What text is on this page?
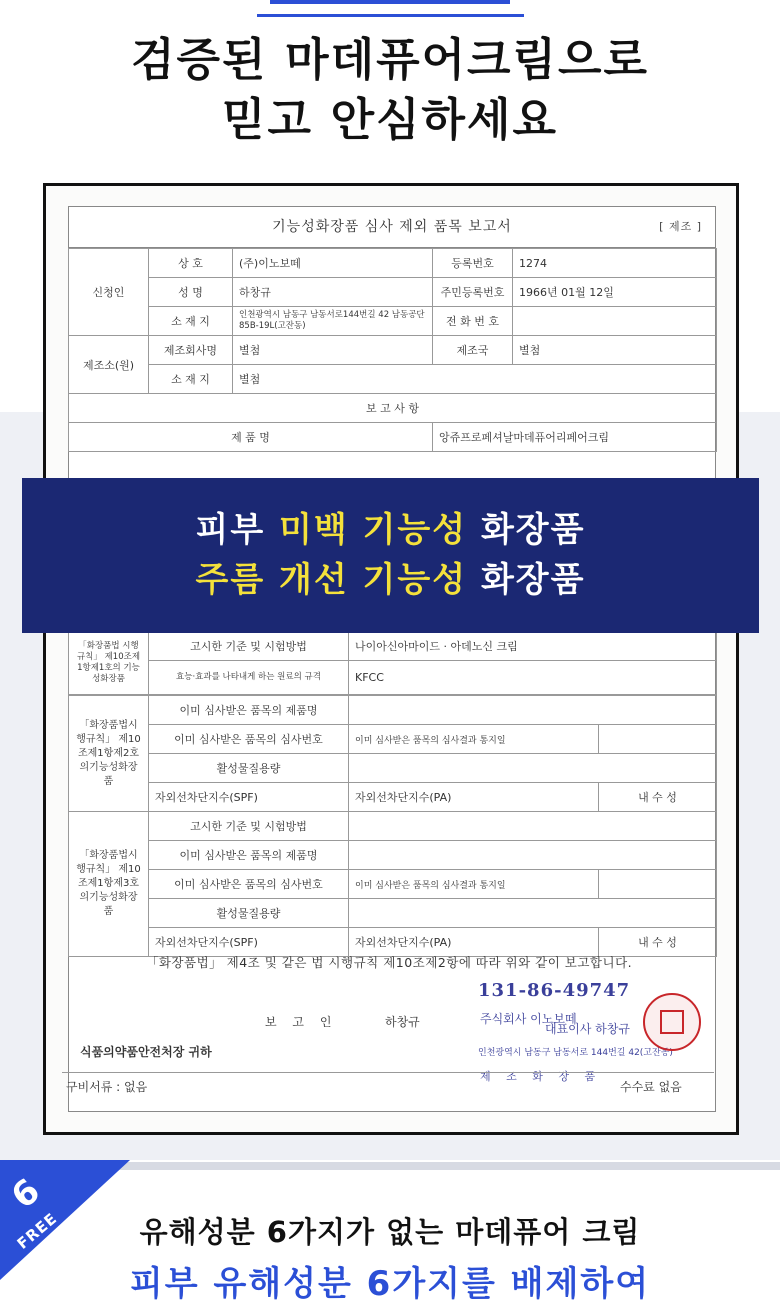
검증된 마데퓨어크림으로
믿고 안심하세요
기능성화장품 심사 제외 품목 보고서	[ 제조 ]
신청인	상 호	(주)이노보떼	등록번호	1274
	성 명	하창규	주민등록번호	1966년 01월 12일
	소 재 지	인천광역시 남동구 남동서로144번길 42 남동공단 85B-19L(고잔동)	전 화 번 호	
제조소(원)	제조회사명	별첨	제조국	별첨
	소 재 지	별첨		
보 고 사 항				
제 품 명			앙쥬프로페셔날마데퓨어리페어크림	
「화장품법 시행규칙」 제10조제1항제1호의 기능성화장품	고시한 기준 및 시험방법	나이아신아마이드 · 아데노신 크림
	효능·효과를 나타내게 하는 원료의 규격	KFCC
「화장품법시행규칙」 제10조제1항제2호의기능성화장품	이미 심사받은 품목의 제품명		
	이미 심사받은 품목의 심사번호	이미 심사받은 품목의 심사결과 통지일	
	활성물질용량		
	자외선차단지수(SPF)	자외선차단지수(PA)	내 수 성
「화장품법시행규칙」 제10조제1항제3호의기능성화장품	고시한 기준 및 시험방법		
	이미 심사받은 품목의 제품명		
	이미 심사받은 품목의 심사번호	이미 심사받은 품목의 심사결과 통지일	
	활성물질용량		
	자외선차단지수(SPF)	자외선차단지수(PA)	내 수 성
「화장품법」 제4조 및 같은 법 시행규칙 제10조제2항에 따라 위와 같이 보고합니다.
보 고 인	하창규
131-86-49747
주식회사 이노보떼
대표이사 하창규
인천광역시 남동구 남동서로 144번길 42(고잔동)
제 조 화 장 품
식품의약품안전처장 귀하
구비서류 : 없음	수수료 없음
피부 미백 기능성 화장품
주름 개선 기능성 화장품
6
FREE	유해성분 6가지가 없는 마데퓨어 크림
피부 유해성분 6가지를 배제하여
